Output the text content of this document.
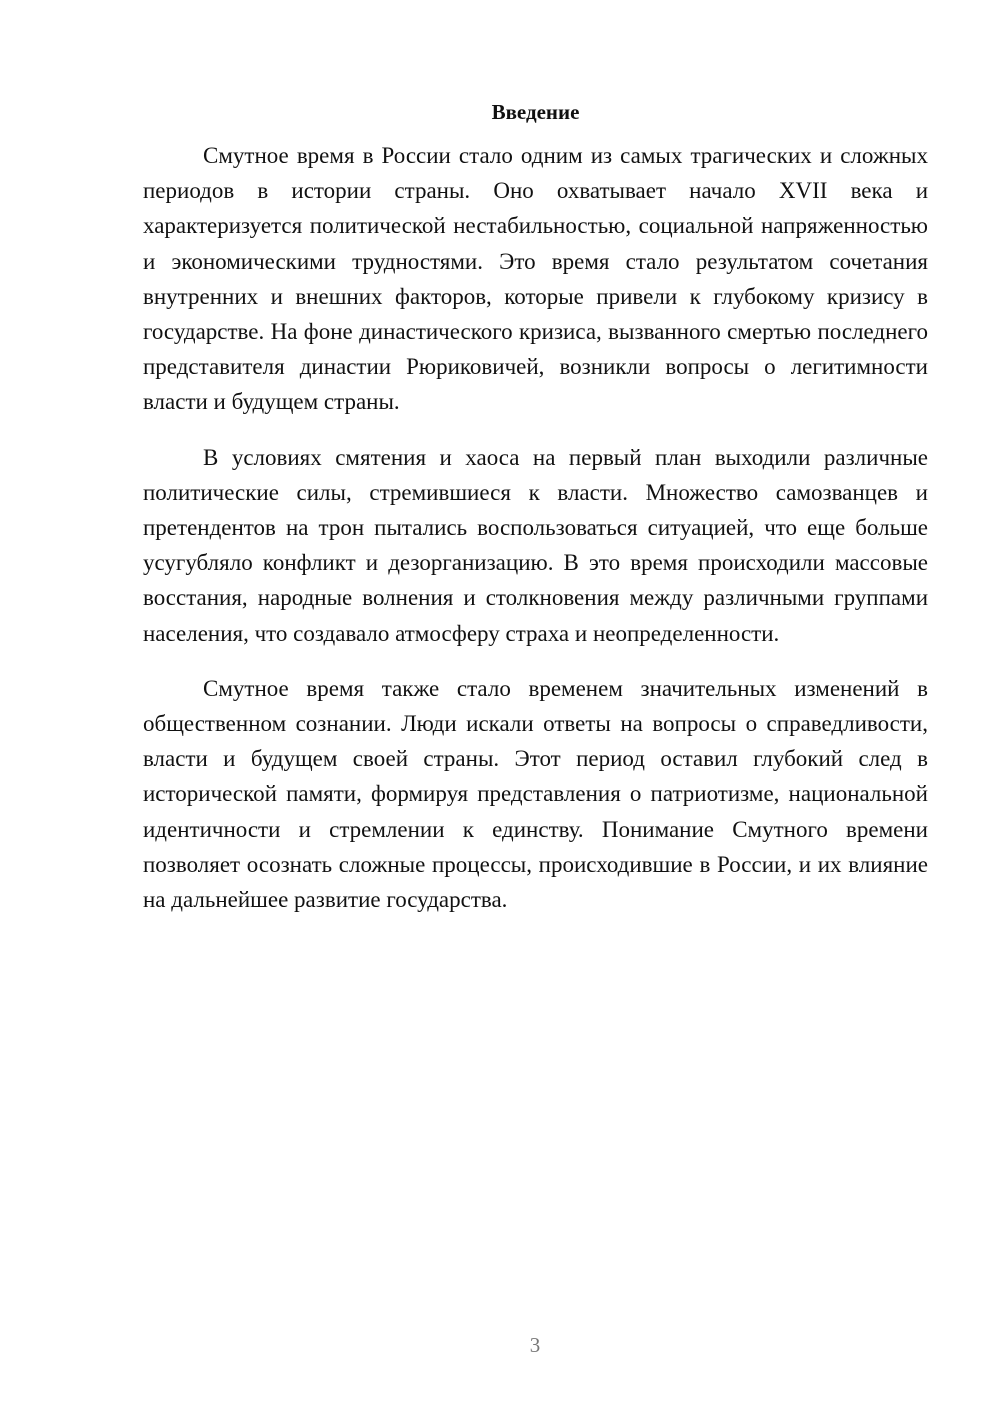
Введение

Смутное время в России стало одним из самых трагических и сложных периодов в истории страны. Оно охватывает начало XVII века и характеризуется политической нестабильностью, социальной напряженностью и экономическими трудностями. Это время стало результатом сочетания внутренних и внешних факторов, которые привели к глубокому кризису в государстве. На фоне династического кризиса, вызванного смертью последнего представителя династии Рюриковичей, возникли вопросы о легитимности власти и будущем страны.

В условиях смятения и хаоса на первый план выходили различные политические силы, стремившиеся к власти. Множество самозванцев и претендентов на трон пытались воспользоваться ситуацией, что еще больше усугубляло конфликт и дезорганизацию. В это время происходили массовые восстания, народные волнения и столкновения между различными группами населения, что создавало атмосферу страха и неопределенности.

Смутное время также стало временем значительных изменений в общественном сознании. Люди искали ответы на вопросы о справедливости, власти и будущем своей страны. Этот период оставил глубокий след в исторической памяти, формируя представления о патриотизме, национальной идентичности и стремлении к единству. Понимание Смутного времени позволяет осознать сложные процессы, происходившие в России, и их влияние на дальнейшее развитие государства.

3
